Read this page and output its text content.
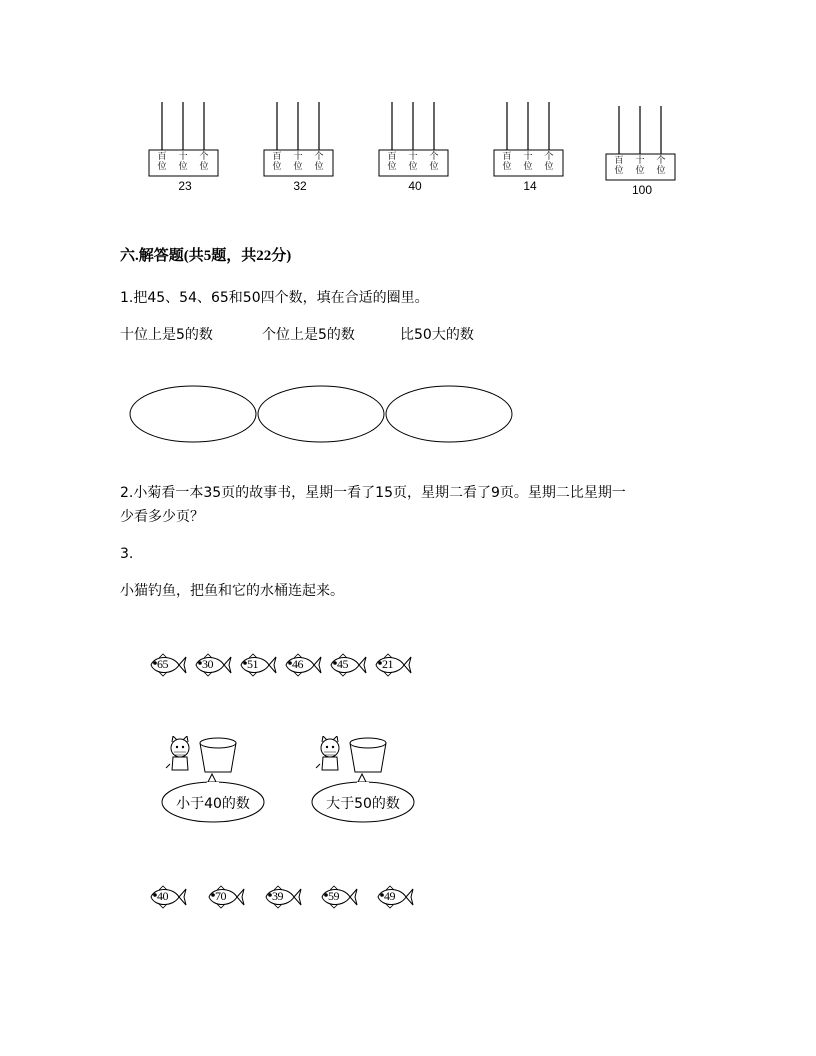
百
位
十
位
个
位
23
百
位
十
位
个
位
32
百
位
十
位
个
位
40
百
位
十
位
个
位
14
百
位
十
位
个
位
100
六.解答题(共5题，共22分)
1.把45、54、65和50四个数，填在合适的圈里。
十位上是5的数	个位上是5的数	比50大的数
2.小菊看一本35页的故事书，星期一看了15页，星期二看了9页。星期二比星期一
少看多少页？
3.
小猫钓鱼，把鱼和它的水桶连起来。
65	30	51	46	45	21
40	70	39	59	49
小于40的数	大于50的数
